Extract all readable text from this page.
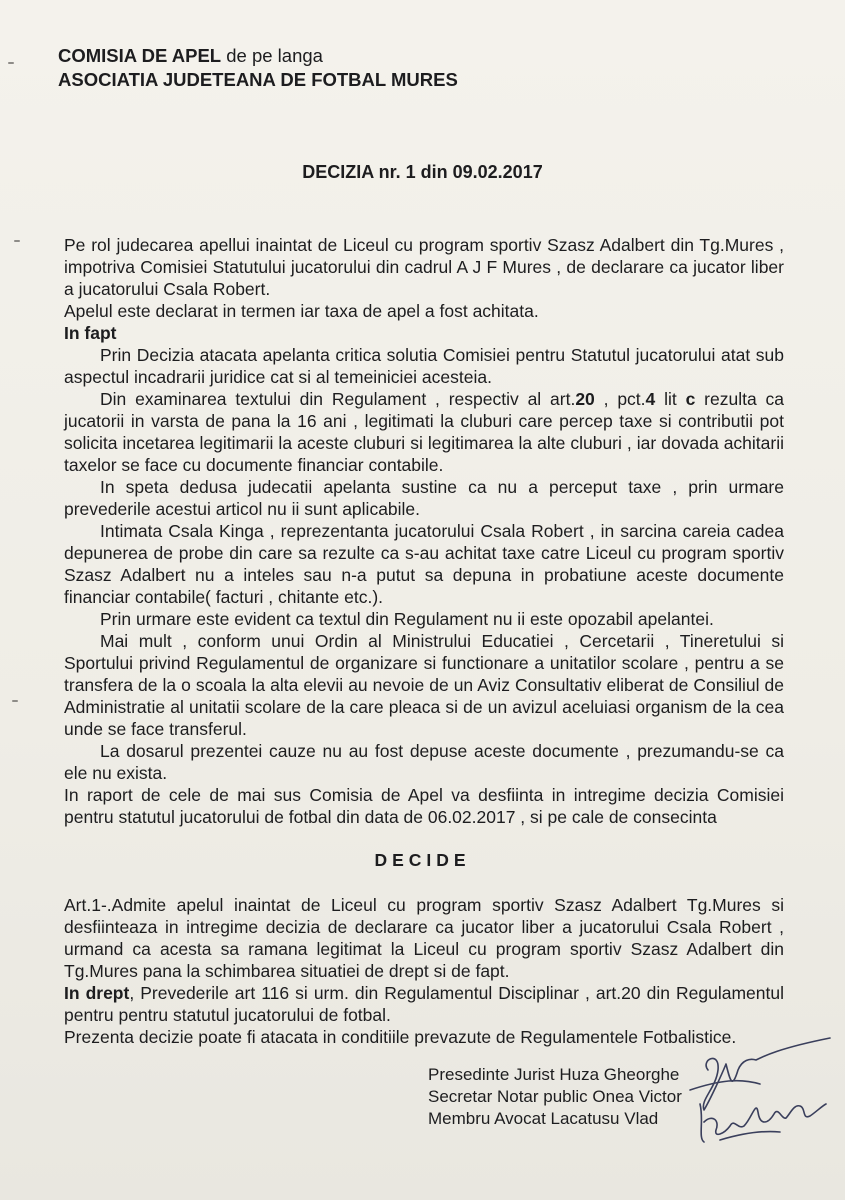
COMISIA DE APEL de pe langa
ASOCIATIA JUDETEANA DE FOTBAL MURES
DECIZIA nr. 1 din 09.02.2017

Pe rol judecarea apellui inaintat de Liceul cu program sportiv Szasz Adalbert din Tg.Mures , impotriva Comisiei Statutului jucatorului din cadrul A J F Mures , de declarare ca jucator liber a jucatorului Csala Robert.

Apelul este declarat in termen iar taxa de apel a fost achitata.

In fapt

Prin Decizia atacata apelanta critica solutia Comisiei pentru Statutul jucatorului atat sub aspectul incadrarii juridice cat si al temeiniciei acesteia.

Din examinarea textului din Regulament , respectiv al art.20 , pct.4 lit c rezulta ca jucatorii in varsta de pana la 16 ani , legitimati la cluburi care percep taxe si contributii pot solicita incetarea legitimarii la aceste cluburi si legitimarea la alte cluburi , iar dovada achitarii taxelor se face cu documente financiar contabile.

In speta dedusa judecatii apelanta sustine ca nu a perceput taxe , prin urmare prevederile acestui articol nu ii sunt aplicabile.

Intimata Csala Kinga , reprezentanta jucatorului Csala Robert , in sarcina careia cadea depunerea de probe din care sa rezulte ca s-au achitat taxe catre Liceul cu program sportiv Szasz Adalbert nu a inteles sau n-a putut sa depuna in probatiune aceste documente financiar contabile( facturi , chitante etc.).

Prin urmare este evident ca textul din Regulament nu ii este opozabil apelantei.

Mai mult , conform unui Ordin al Ministrului Educatiei , Cercetarii , Tineretului si Sportului privind Regulamentul de organizare si functionare a unitatilor scolare , pentru a se transfera de la o scoala la alta elevii au nevoie de un Aviz Consultativ eliberat de Consiliul de Administratie al unitatii scolare de la care pleaca si de un avizul aceluiasi organism de la cea unde se face transferul.

La dosarul prezentei cauze nu au fost depuse aceste documente , prezumandu-se ca ele nu exista.

In raport de cele de mai sus Comisia de Apel va desfiinta in intregime decizia Comisiei pentru statutul jucatorului de fotbal din data de 06.02.2017 , si pe cale de consecinta

DECIDE

Art.1-.Admite apelul inaintat de Liceul cu program sportiv Szasz Adalbert Tg.Mures si desfiinteaza in intregime decizia de declarare ca jucator liber a jucatorului Csala Robert , urmand ca acesta sa ramana legitimat la Liceul cu program sportiv Szasz Adalbert din Tg.Mures pana la schimbarea situatiei de drept si de fapt.

In drept, Prevederile art 116 si urm. din Regulamentul Disciplinar , art.20 din Regulamentul pentru pentru statutul jucatorului de fotbal.

Prezenta decizie poate fi atacata in conditiile prevazute de Regulamentele Fotbalistice.

Presedinte Jurist Huza Gheorghe
Secretar Notar public Onea Victor
Membru Avocat Lacatusu Vlad
